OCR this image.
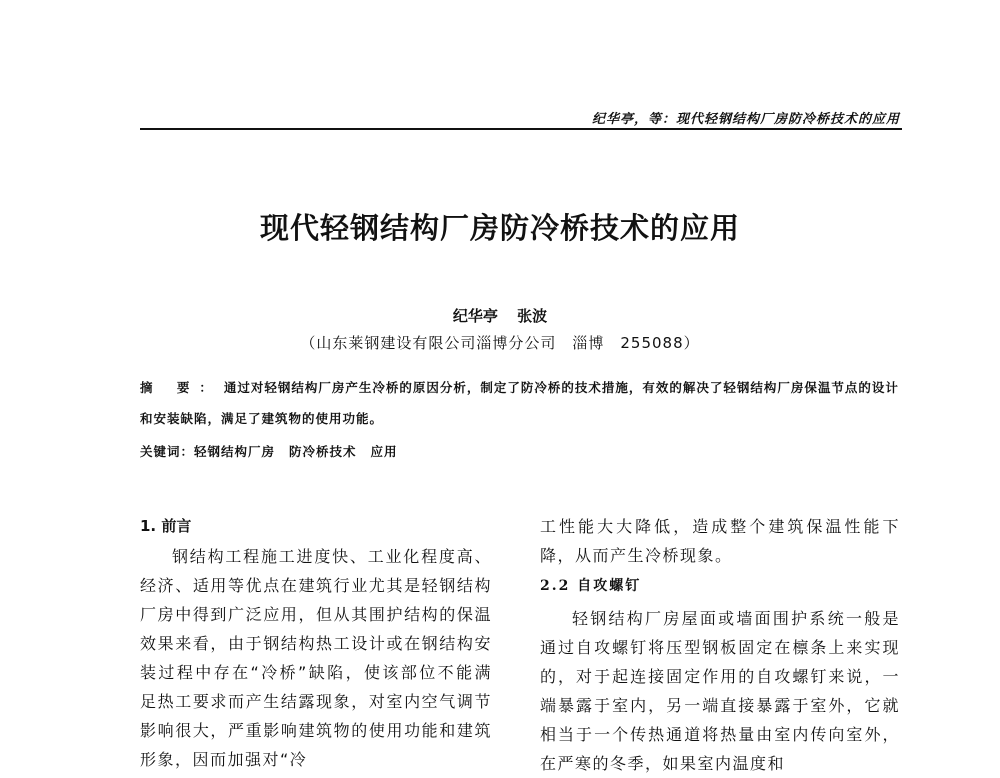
纪华亭，等：现代轻钢结构厂房防冷桥技术的应用
现代轻钢结构厂房防冷桥技术的应用
纪华亭 张波
（山东莱钢建设有限公司淄博分公司　淄博　255088）
摘 要： 通过对轻钢结构厂房产生冷桥的原因分析，制定了防冷桥的技术措施，有效的解决了轻钢结构厂房保温节点的设计和安装缺陷，满足了建筑物的使用功能。
关键词：轻钢结构厂房 防冷桥技术 应用
1. 前言

钢结构工程施工进度快、工业化程度高、经济、适用等优点在建筑行业尤其是轻钢结构厂房中得到广泛应用，但从其围护结构的保温效果来看，由于钢结构热工设计或在钢结构安装过程中存在“冷桥”缺陷，使该部位不能满足热工要求而产生结露现象，对室内空气调节影响很大，严重影响建筑物的使用功能和建筑形象，因而加强对“冷

工性能大大降低，造成整个建筑保温性能下降，从而产生冷桥现象。

2.2 自攻螺钉

轻钢结构厂房屋面或墙面围护系统一般是通过自攻螺钉将压型钢板固定在檩条上来实现的，对于起连接固定作用的自攻螺钉来说，一端暴露于室内，另一端直接暴露于室外，它就相当于一个传热通道将热量由室内传向室外，在严寒的冬季，如果室内温度和
